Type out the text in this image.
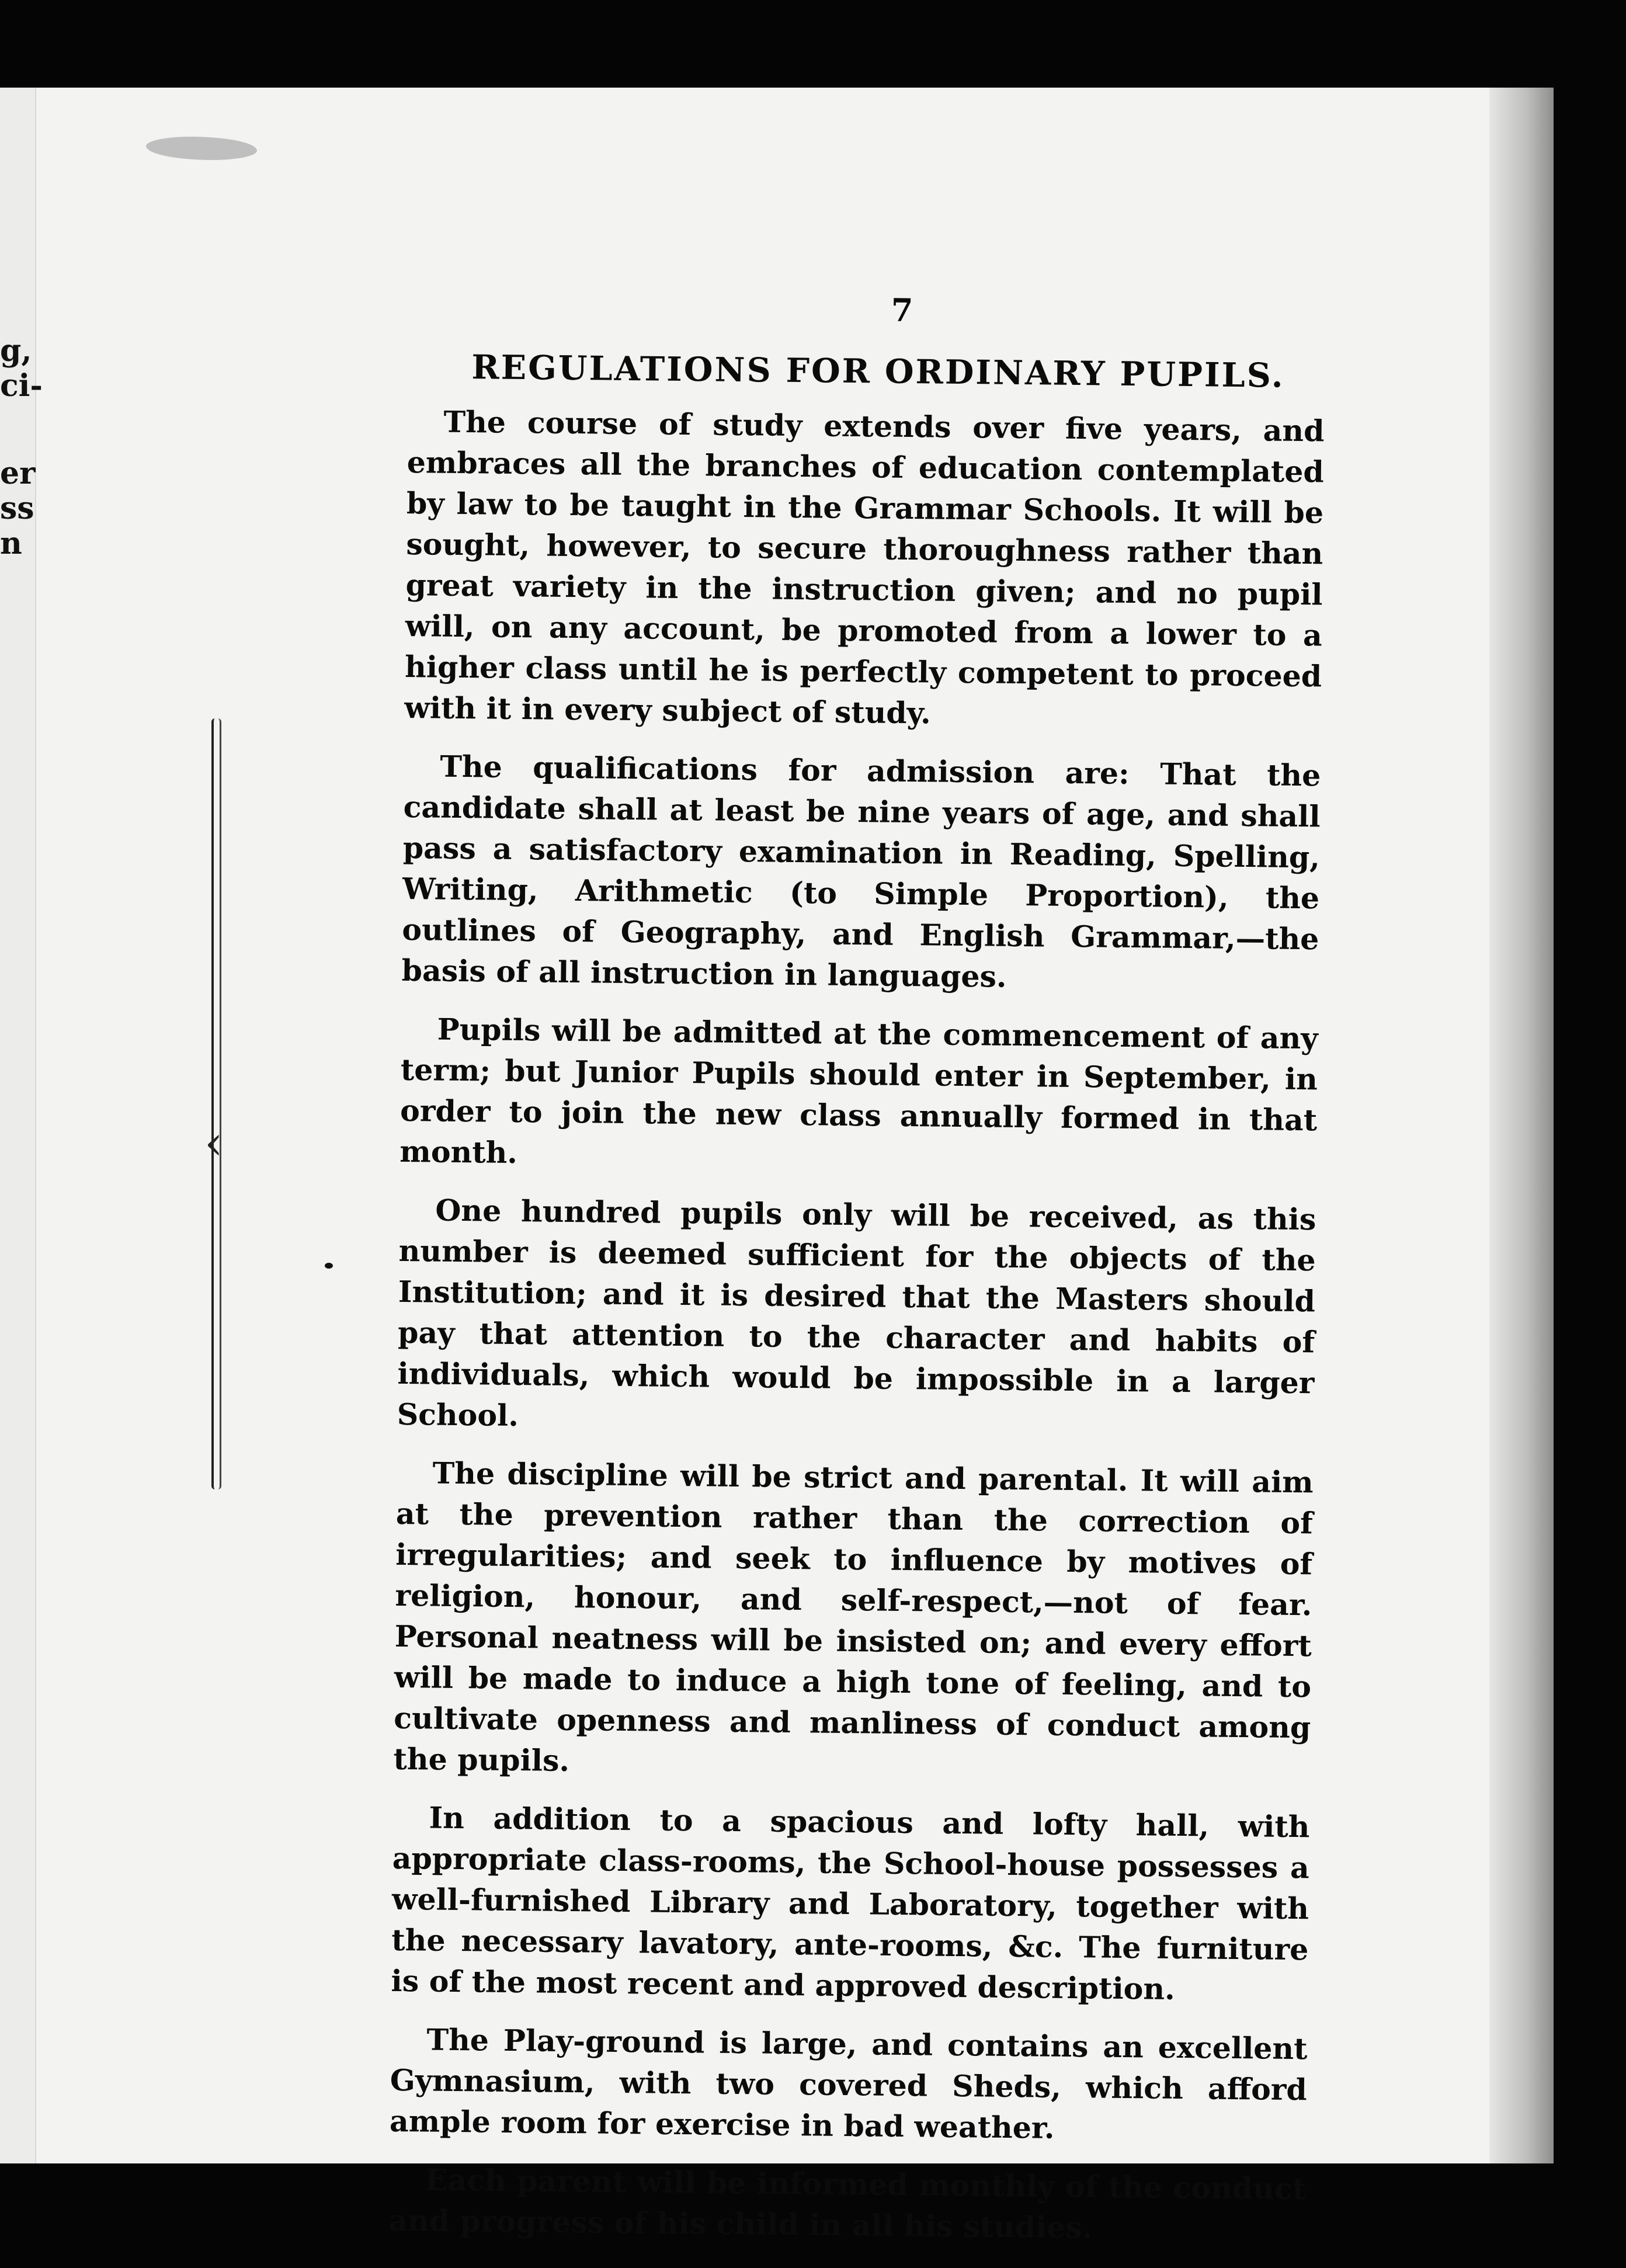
g,
ci-
er
ss
n
‹
7
REGULATIONS FOR ORDINARY PUPILS.

The course of study extends over five years, and embraces all the branches of education contemplated by law to be taught in the Grammar Schools. It will be sought, however, to secure thoroughness rather than great variety in the instruction given; and no pupil will, on any account, be promoted from a lower to a higher class until he is perfectly competent to proceed with it in every subject of study.

The qualifications for admission are: That the candidate shall at least be nine years of age, and shall pass a satisfactory examination in Reading, Spelling, Writing, Arithmetic (to Simple Proportion), the outlines of Geography, and English Grammar,—the basis of all instruction in languages.

Pupils will be admitted at the commencement of any term; but Junior Pupils should enter in September, in order to join the new class annually formed in that month.

One hundred pupils only will be received, as this number is deemed sufficient for the objects of the Institution; and it is desired that the Masters should pay that attention to the character and habits of individuals, which would be impossible in a larger School.

The discipline will be strict and parental. It will aim at the prevention rather than the correction of irregularities; and seek to influence by motives of religion, honour, and self-respect,—not of fear. Personal neatness will be insisted on; and every effort will be made to induce a high tone of feeling, and to cultivate openness and manliness of conduct among the pupils.

In addition to a spacious and lofty hall, with appropriate class-rooms, the School-house possesses a well-furnished Library and Laboratory, together with the necessary lavatory, ante-rooms, &c. The furniture is of the most recent and approved description.

The Play-ground is large, and contains an excellent Gymnasium, with two covered Sheds, which afford ample room for exercise in bad weather.

Each parent will be informed monthly of the conduct and progress of his child in all his studies.
